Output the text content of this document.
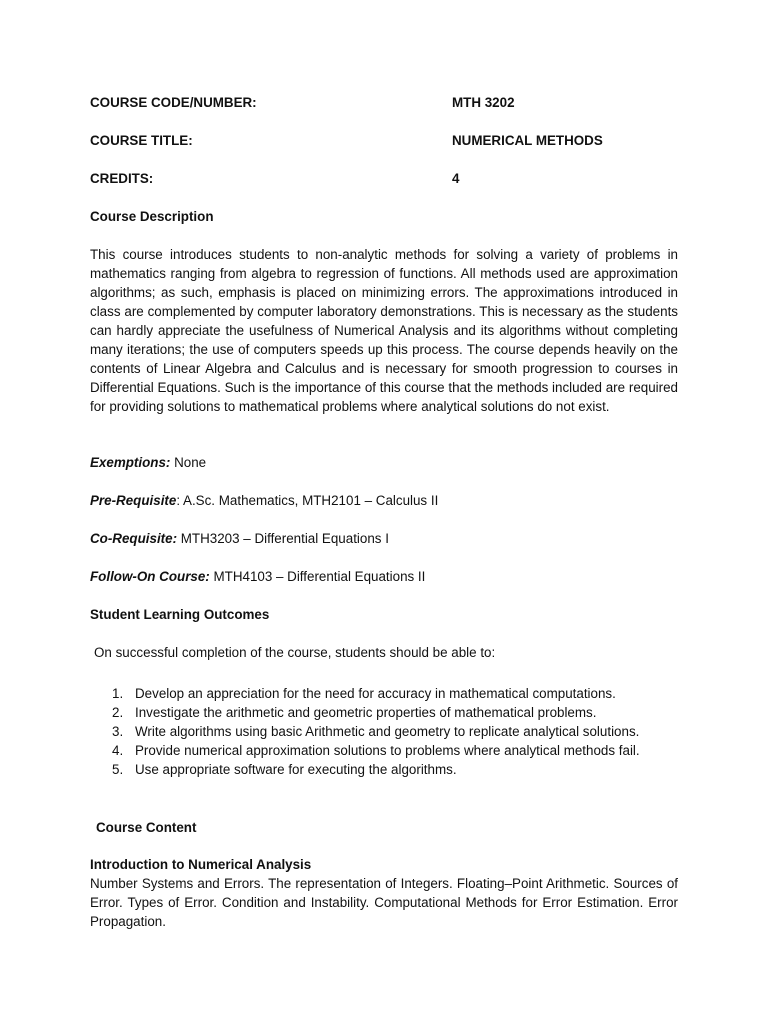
COURSE CODE/NUMBER:	MTH 3202
COURSE TITLE:	NUMERICAL METHODS
CREDITS:	4
Course Description
This course introduces students to non-analytic methods for solving a variety of problems in mathematics ranging from algebra to regression of functions. All methods used are approximation algorithms; as such, emphasis is placed on minimizing errors. The approximations introduced in class are complemented by computer laboratory demonstrations. This is necessary as the students can hardly appreciate the usefulness of Numerical Analysis and its algorithms without completing many iterations; the use of computers speeds up this process. The course depends heavily on the contents of Linear Algebra and Calculus and is necessary for smooth progression to courses in Differential Equations. Such is the importance of this course that the methods included are required for providing solutions to mathematical problems where analytical solutions do not exist.
Exemptions: None
Pre-Requisite: A.Sc. Mathematics, MTH2101 – Calculus II
Co-Requisite: MTH3203 – Differential Equations I
Follow-On Course: MTH4103 – Differential Equations II
Student Learning Outcomes
On successful completion of the course, students should be able to:
1. Develop an appreciation for the need for accuracy in mathematical computations.
2. Investigate the arithmetic and geometric properties of mathematical problems.
3. Write algorithms using basic Arithmetic and geometry to replicate analytical solutions.
4. Provide numerical approximation solutions to problems where analytical methods fail.
5. Use appropriate software for executing the algorithms.
Course Content
Introduction to Numerical Analysis
Number Systems and Errors. The representation of Integers. Floating–Point Arithmetic. Sources of Error. Types of Error. Condition and Instability. Computational Methods for Error Estimation. Error Propagation.
